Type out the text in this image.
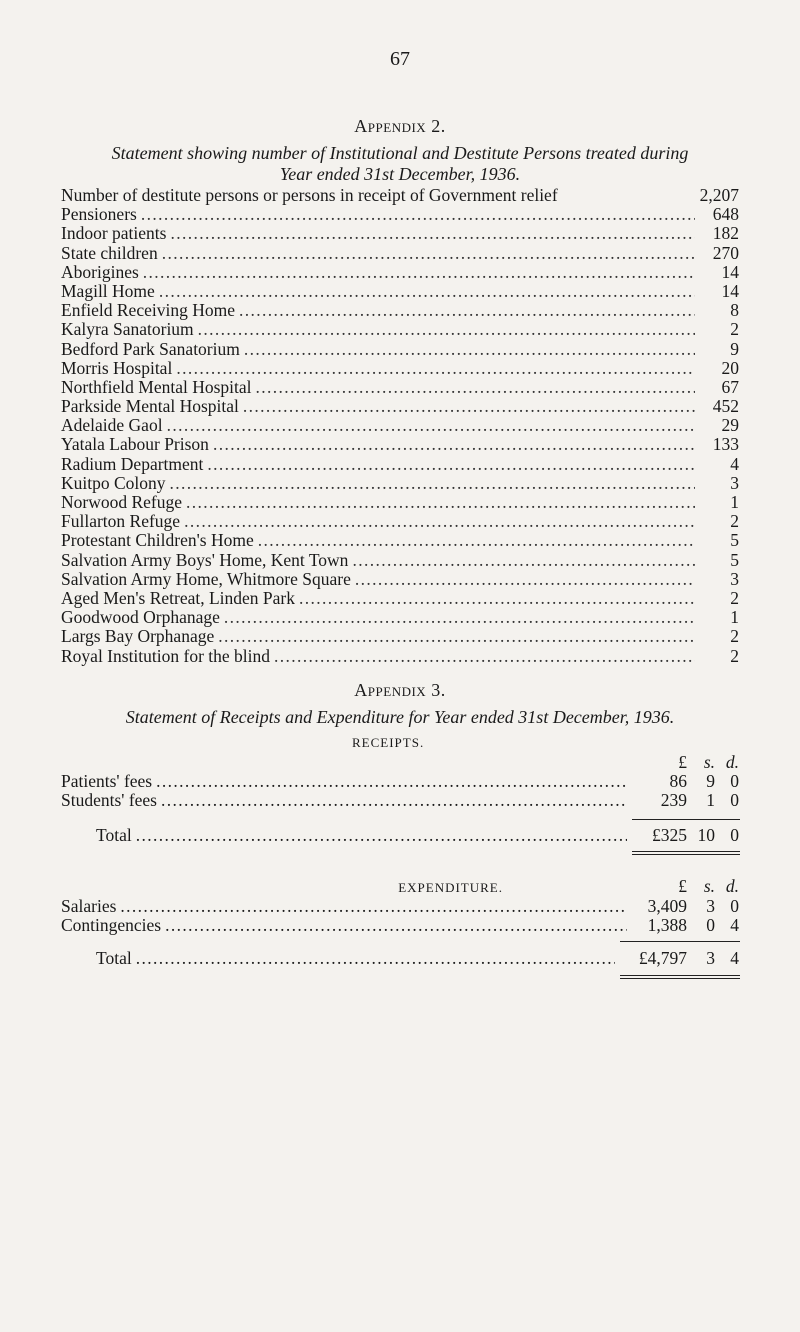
67
Appendix 2.
Statement showing number of Institutional and Destitute Persons treated during
Year ended 31st December, 1936.
Number of destitute persons or persons in receipt of Government relief	2,207
Pensioners . . .	648
Indoor patients . . .	182
State children . . .	270
Aborigines . . .	14
Magill Home . . .	14
Enfield Receiving Home . . .	8
Kalyra Sanatorium . . .	2
Bedford Park Sanatorium . . .	9
Morris Hospital . . .	20
Northfield Mental Hospital . . .	67
Parkside Mental Hospital . . .	452
Adelaide Gaol . . .	29
Yatala Labour Prison . . .	133
Radium Department . . .	4
Kuitpo Colony . . .	3
Norwood Refuge . . .	1
Fullarton Refuge . . .	2
Protestant Children's Home . . .	5
Salvation Army Boys' Home, Kent Town . . .	5
Salvation Army Home, Whitmore Square . . .	3
Aged Men's Retreat, Linden Park . . .	2
Goodwood Orphanage . . .	1
Largs Bay Orphanage . . .	2
Royal Institution for the blind . . .	2
Appendix 3.
Statement of Receipts and Expenditure for Year ended 31st December, 1936.
RECEIPTS.
£ s. d.
Patients' fees . . .	86	9 0
Students' fees . . .	239	1 0
Total . . .	£325 10 0
EXPENDITURE.	£ s. d.
Salaries . . .	3,409	3 0
Contingencies . . .	1,388	0 4
Total . . .	£4,797	3 4
